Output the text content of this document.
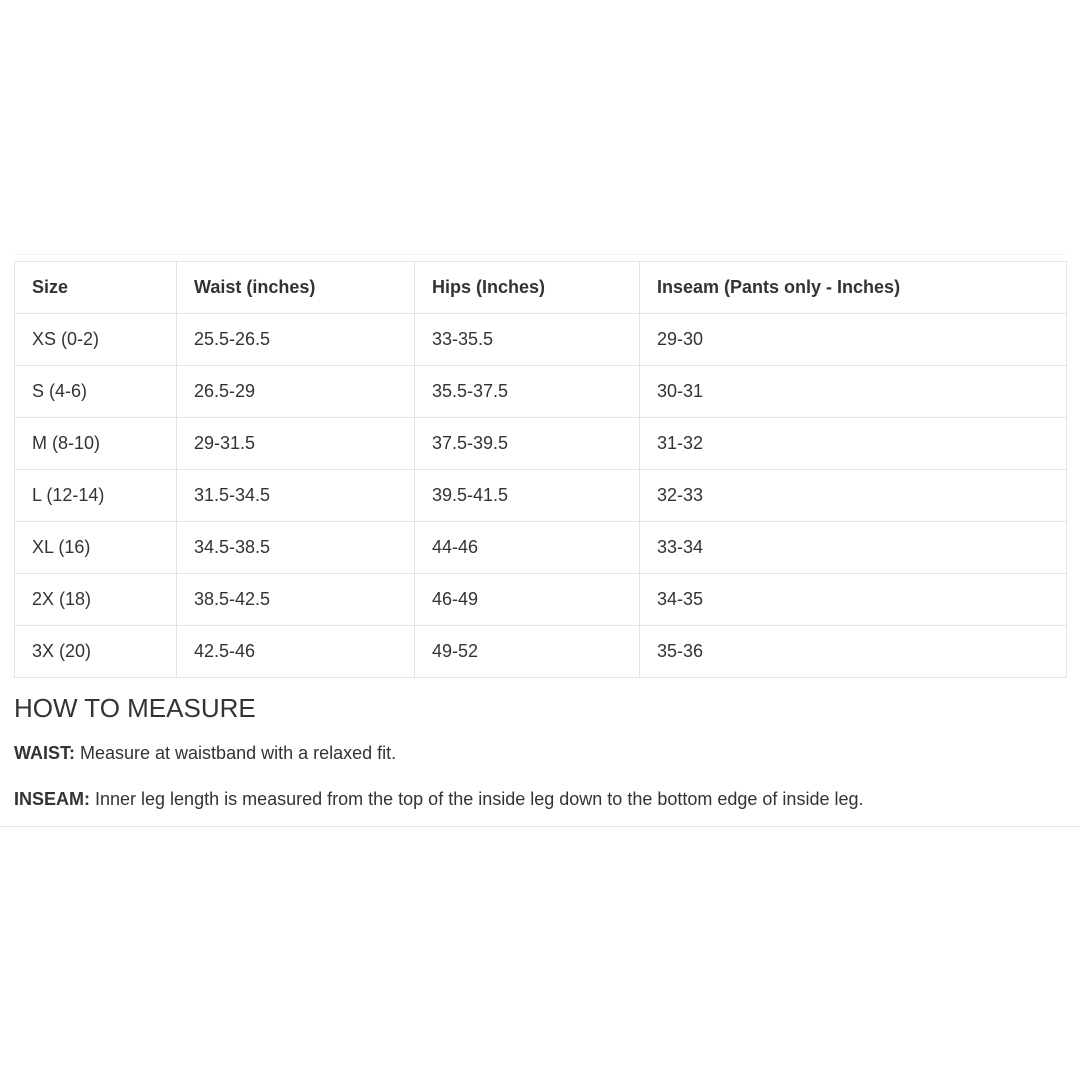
Size	Waist (inches)	Hips (Inches)	Inseam (Pants only - Inches)
XS (0-2)	25.5-26.5	33-35.5	29-30
S (4-6)	26.5-29	35.5-37.5	30-31
M (8-10)	29-31.5	37.5-39.5	31-32
L (12-14)	31.5-34.5	39.5-41.5	32-33
XL (16)	34.5-38.5	44-46	33-34
2X (18)	38.5-42.5	46-49	34-35
3X (20)	42.5-46	49-52	35-36
HOW TO MEASURE

WAIST: Measure at waistband with a relaxed fit.

INSEAM: Inner leg length is measured from the top of the inside leg down to the bottom edge of inside leg.
